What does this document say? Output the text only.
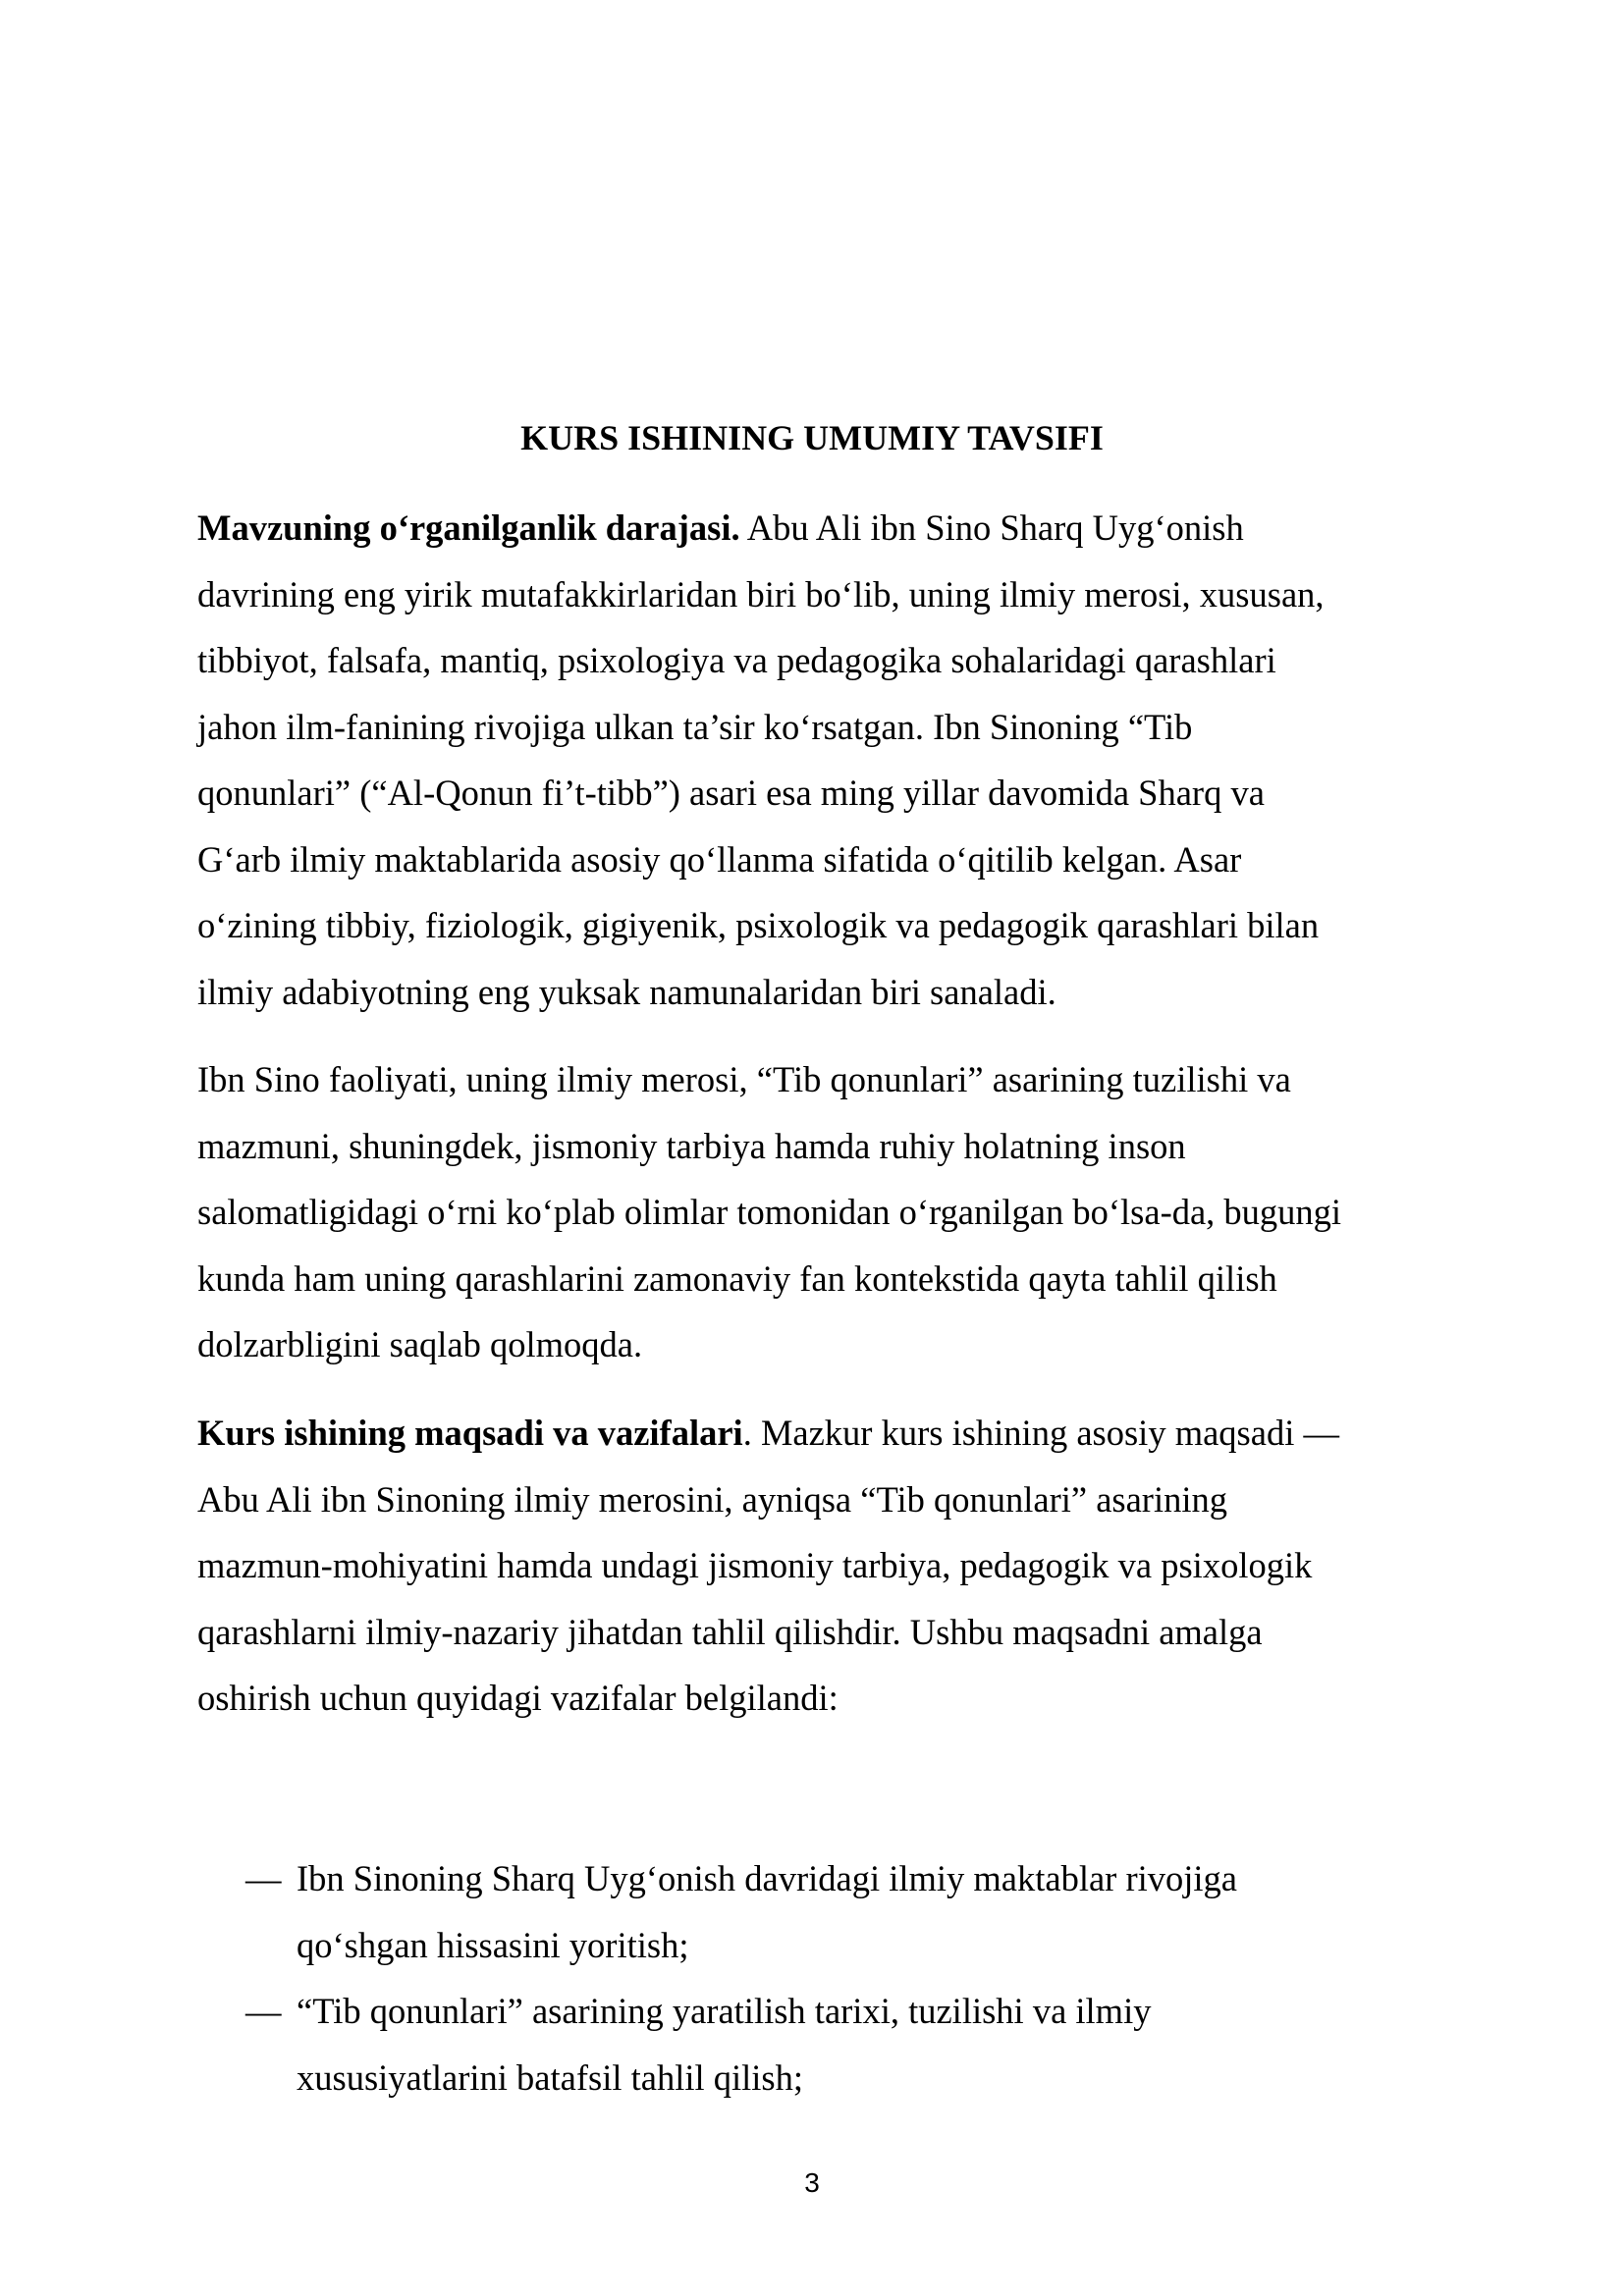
KURS ISHINING UMUMIY TAVSIFI
Mavzuning o‘rganilganlik darajasi. Abu Ali ibn Sino Sharq Uyg‘onish
davrining eng yirik mutafakkirlaridan biri bo‘lib, uning ilmiy merosi, xususan,
tibbiyot, falsafa, mantiq, psixologiya va pedagogika sohalaridagi qarashlari
jahon ilm-fanining rivojiga ulkan ta’sir ko‘rsatgan. Ibn Sinoning “Tib
qonunlari” (“Al-Qonun fi’t-tibb”) asari esa ming yillar davomida Sharq va
G‘arb ilmiy maktablarida asosiy qo‘llanma sifatida o‘qitilib kelgan. Asar
o‘zining tibbiy, fiziologik, gigiyenik, psixologik va pedagogik qarashlari bilan
ilmiy adabiyotning eng yuksak namunalaridan biri sanaladi.
Ibn Sino faoliyati, uning ilmiy merosi, “Tib qonunlari” asarining tuzilishi va
mazmuni, shuningdek, jismoniy tarbiya hamda ruhiy holatning inson
salomatligidagi o‘rni ko‘plab olimlar tomonidan o‘rganilgan bo‘lsa-da, bugungi
kunda ham uning qarashlarini zamonaviy fan kontekstida qayta tahlil qilish
dolzarbligini saqlab qolmoqda.
Kurs ishining maqsadi va vazifalari. Mazkur kurs ishining asosiy maqsadi —
Abu Ali ibn Sinoning ilmiy merosini, ayniqsa “Tib qonunlari” asarining
mazmun-mohiyatini hamda undagi jismoniy tarbiya, pedagogik va psixologik
qarashlarni ilmiy-nazariy jihatdan tahlil qilishdir. Ushbu maqsadni amalga
oshirish uchun quyidagi vazifalar belgilandi:
— Ibn Sinoning Sharq Uyg‘onish davridagi ilmiy maktablar rivojiga
qo‘shgan hissasini yoritish;
— “Tib qonunlari” asarining yaratilish tarixi, tuzilishi va ilmiy
xususiyatlarini batafsil tahlil qilish;
3
